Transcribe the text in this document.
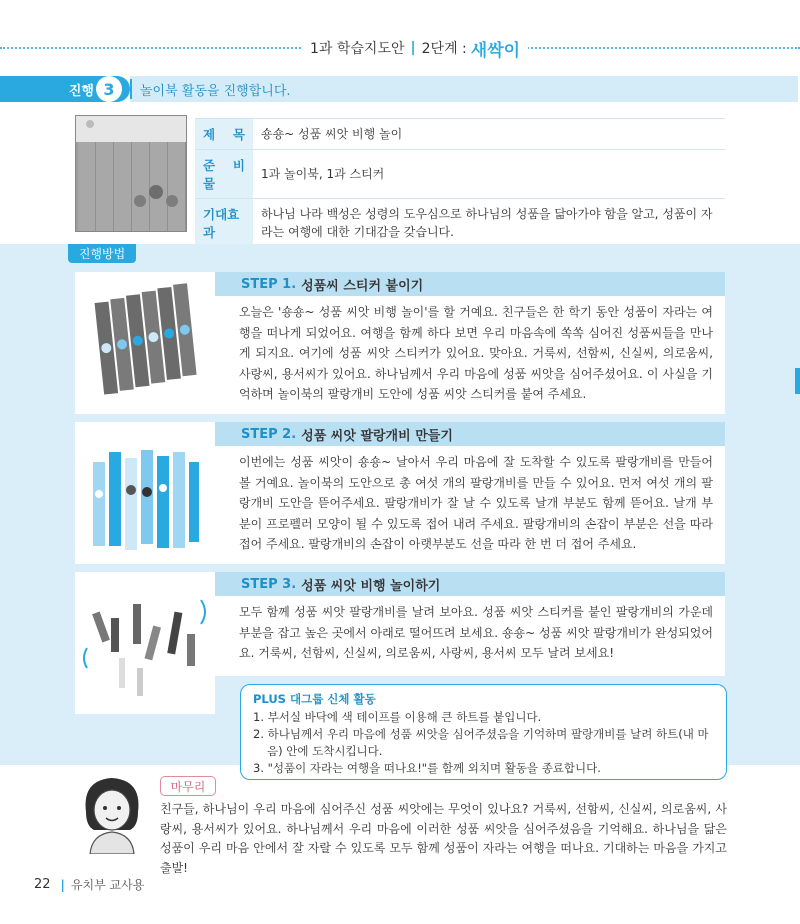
1과 학습지도안 | 2단계 : 새싹이
진행 3	놀이북 활동을 진행합니다.
제 목	숑숑~ 성품 씨앗 비행 놀이
준 비 물	1과 놀이북, 1과 스티커
기대효과	하나님 나라 백성은 성령의 도우심으로 하나님의 성품을 닮아가야 함을 알고, 성품이 자라는 여행에 대한 기대감을 갖습니다.
진행방법
STEP 1. 성품씨 스티커 붙이기
오늘은 '숑숑~ 성품 씨앗 비행 놀이'를 할 거예요. 친구들은 한 학기 동안 성품이 자라는 여행을 떠나게 되었어요. 여행을 함께 하다 보면 우리 마음속에 쏙쏙 심어진 성품씨들을 만나게 되지요. 여기에 성품 씨앗 스티커가 있어요. 맞아요. 거룩씨, 선함씨, 신실씨, 의로움씨, 사랑씨, 용서씨가 있어요. 하나님께서 우리 마음에 성품 씨앗을 심어주셨어요. 이 사실을 기억하며 놀이북의 팔랑개비 도안에 성품 씨앗 스티커를 붙여 주세요.
STEP 2. 성품 씨앗 팔랑개비 만들기
이번에는 성품 씨앗이 숑숑~ 날아서 우리 마음에 잘 도착할 수 있도록 팔랑개비를 만들어 볼 거예요. 놀이북의 도안으로 총 여섯 개의 팔랑개비를 만들 수 있어요. 먼저 여섯 개의 팔랑개비 도안을 뜯어주세요. 팔랑개비가 잘 날 수 있도록 날개 부분도 함께 뜯어요. 날개 부분이 프로펠러 모양이 될 수 있도록 접어 내려 주세요. 팔랑개비의 손잡이 부분은 선을 따라 접어 주세요. 팔랑개비의 손잡이 아랫부분도 선을 따라 한 번 더 접어 주세요.
STEP 3. 성품 씨앗 비행 놀이하기
모두 함께 성품 씨앗 팔랑개비를 날려 보아요. 성품 씨앗 스티커를 붙인 팔랑개비의 가운데 부분을 잡고 높은 곳에서 아래로 떨어뜨려 보세요. 숑숑~ 성품 씨앗 팔랑개비가 완성되었어요. 거룩씨, 선함씨, 신실씨, 의로움씨, 사랑씨, 용서씨 모두 날려 보세요!
PLUS 대그룹 신체 활동
1. 부서실 바닥에 색 테이프를 이용해 큰 하트를 붙입니다.
2. 하나님께서 우리 마음에 성품 씨앗을 심어주셨음을 기억하며 팔랑개비를 날려 하트(내 마음) 안에 도착시킵니다.
3. "성품이 자라는 여행을 떠나요!"를 함께 외치며 활동을 종료합니다.
마무리
친구들, 하나님이 우리 마음에 심어주신 성품 씨앗에는 무엇이 있나요? 거룩씨, 선함씨, 신실씨, 의로움씨, 사랑씨, 용서씨가 있어요. 하나님께서 우리 마음에 이러한 성품 씨앗을 심어주셨음을 기억해요. 하나님을 닮은 성품이 우리 마음 안에서 잘 자랄 수 있도록 모두 함께 성품이 자라는 여행을 떠나요. 기대하는 마음을 가지고 출발!
22 | 유치부 교사용
